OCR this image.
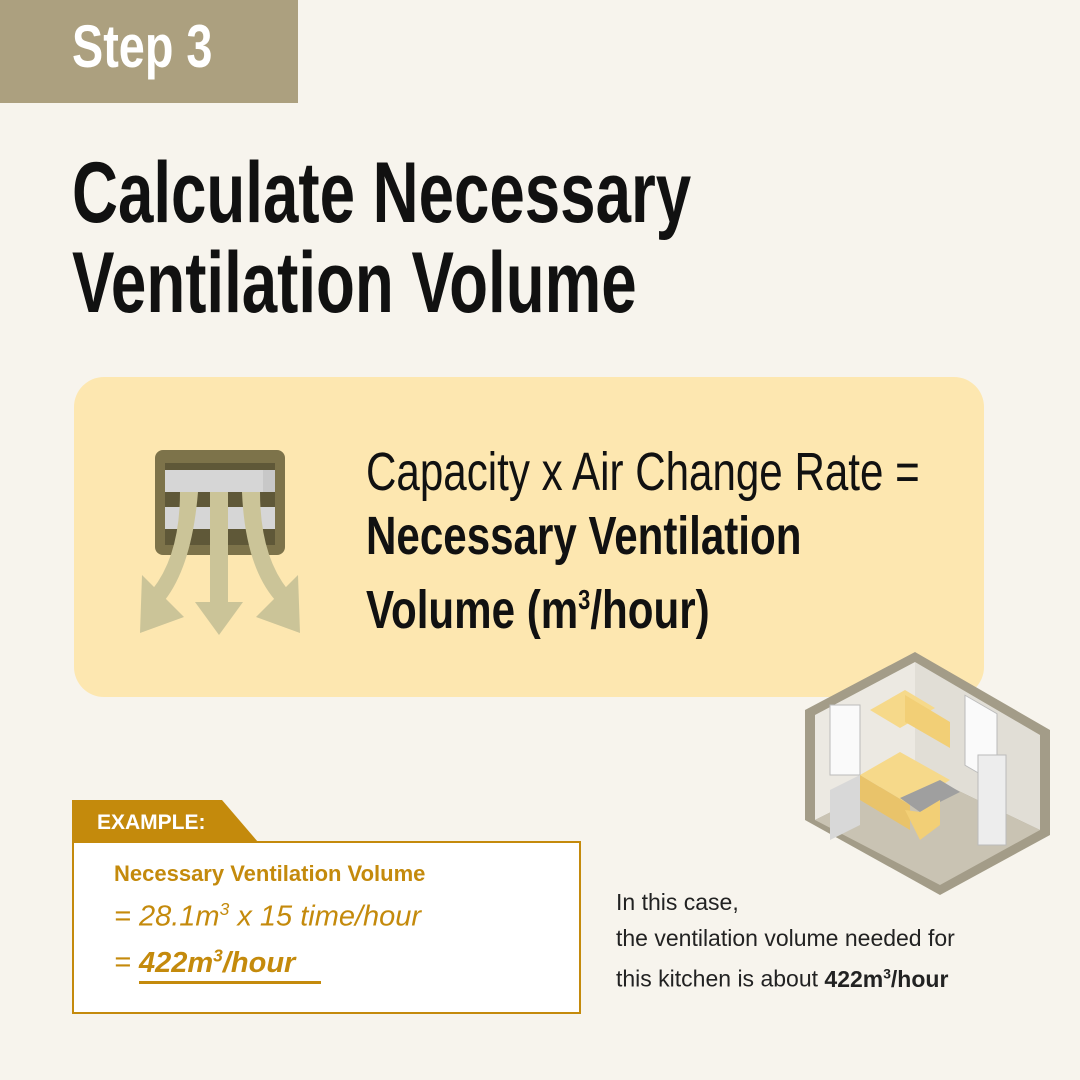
Step 3
Calculate Necessary
Ventilation Volume
Capacity x Air Change Rate =
Necessary Ventilation
Volume $(m^3/hour)$
EXAMPLE:
Necessary Ventilation Volume
= $28.1m^3$ x 15 time/hour
= $422m^3$/hour
In this case,
the ventilation volume needed for
this kitchen is about $422m^3$/hour
